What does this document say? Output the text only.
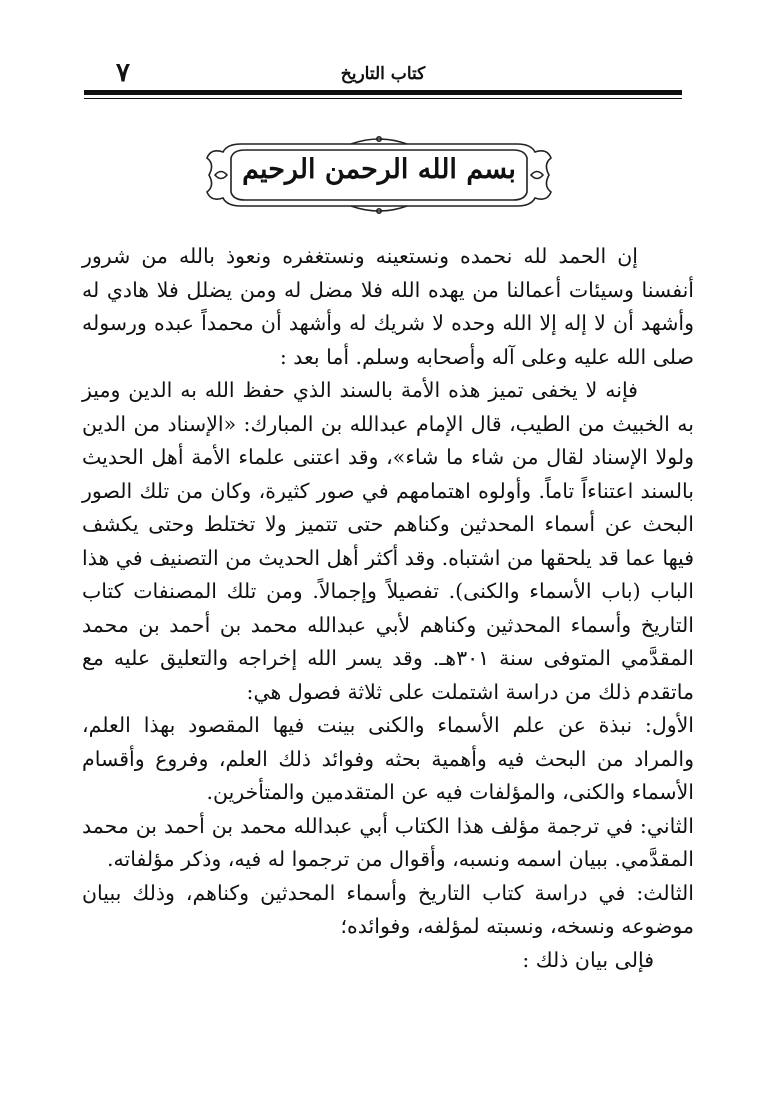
٧	كتاب التاريخ
بسم الله الرحمن الرحيم

إن الحمد لله نحمده ونستعينه ونستغفره ونعوذ بالله من شرور أنفسنا وسيئات أعمالنا من يهده الله فلا مضل له ومن يضلل فلا هادي له وأشهد أن لا إله إلا الله وحده لا شريك له وأشهد أن محمداً عبده ورسوله صلى الله عليه وعلى آله وأصحابه وسلم. أما بعد :

فإنه لا يخفى تميز هذه الأمة بالسند الذي حفظ الله به الدين وميز به الخبيث من الطيب، قال الإمام عبدالله بن المبارك: «الإسناد من الدين ولولا الإسناد لقال من شاء ما شاء»، وقد اعتنى علماء الأمة أهل الحديث بالسند اعتناءاً تاماً. وأولوه اهتمامهم في صور كثيرة، وكان من تلك الصور البحث عن أسماء المحدثين وكناهم حتى تتميز ولا تختلط وحتى يكشف فيها عما قد يلحقها من اشتباه. وقد أكثر أهل الحديث من التصنيف في هذا الباب (باب الأسماء والكنى). تفصيلاً وإجمالاً. ومن تلك المصنفات كتاب التاريخ وأسماء المحدثين وكناهم لأبي عبدالله محمد بن أحمد بن محمد المقدَّمي المتوفى سنة ٣٠١هـ. وقد يسر الله إخراجه والتعليق عليه مع ماتقدم ذلك من دراسة اشتملت على ثلاثة فصول هي:

الأول: نبذة عن علم الأسماء والكنى بينت فيها المقصود بهذا العلم، والمراد من البحث فيه وأهمية بحثه وفوائد ذلك العلم، وفروع وأقسام الأسماء والكنى، والمؤلفات فيه عن المتقدمين والمتأخرين.

الثاني: في ترجمة مؤلف هذا الكتاب أبي عبدالله محمد بن أحمد بن محمد المقدَّمي. ببيان اسمه ونسبه، وأقوال من ترجموا له فيه، وذكر مؤلفاته.

الثالث: في دراسة كتاب التاريخ وأسماء المحدثين وكناهم، وذلك ببيان موضوعه ونسخه، ونسبته لمؤلفه، وفوائده؛

فإلى بيان ذلك :
